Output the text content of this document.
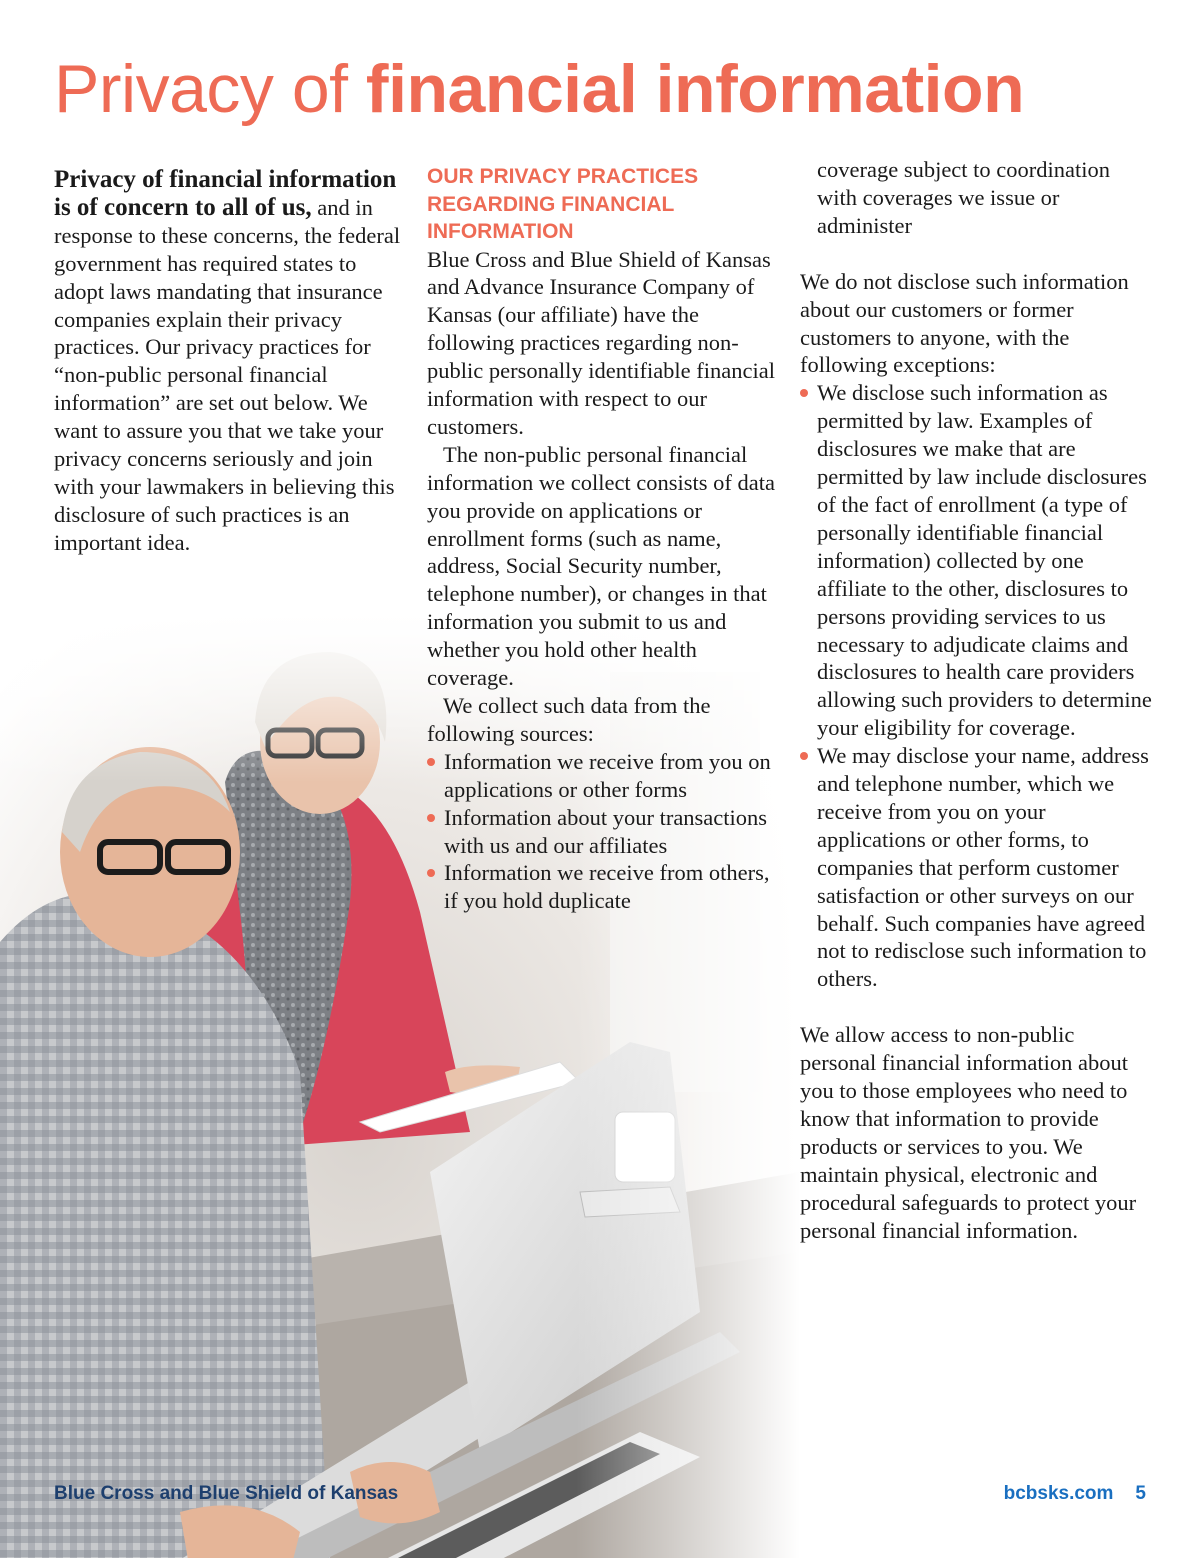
Privacy of financial information

Privacy of financial information is of concern to all of us, and in response to these concerns, the federal government has required states to adopt laws mandating that insurance companies explain their privacy practices. Our privacy practices for “non-public personal financial information” are set out below. We want to assure you that we take your privacy concerns seriously and join with your lawmakers in believing this disclosure of such practices is an important idea.

OUR PRIVACY PRACTICES REGARDING FINANCIAL INFORMATION

Blue Cross and Blue Shield of Kansas and Advance Insurance Company of Kansas (our affiliate) have the following practices regarding non-public personally identifiable financial information with respect to our customers.

The non-public personal financial information we collect consists of data you provide on applications or enrollment forms (such as name, address, Social Security number, telephone number), or changes in that information you submit to us and whether you hold other health coverage.

We collect such data from the following sources:

Information we receive from you on applications or other forms
Information about your transactions with us and our affiliates
Information we receive from others, if you hold duplicate

coverage subject to coordination with coverages we issue or administer

We do not disclose such information about our customers or former customers to anyone, with the following exceptions:

We disclose such information as permitted by law. Examples of disclosures we make that are permitted by law include disclosures of the fact of enrollment (a type of personally identifiable financial information) collected by one affiliate to the other, disclosures to persons providing services to us necessary to adjudicate claims and disclosures to health care providers allowing such providers to determine your eligibility for coverage.
We may disclose your name, address and telephone number, which we receive from you on your applications or other forms, to companies that perform customer satisfaction or other surveys on our behalf. Such companies have agreed not to redisclose such information to others.

We allow access to non-public personal financial information about you to those employees who need to know that information to provide products or services to you. We maintain physical, electronic and procedural safeguards to protect your personal financial information.

Blue Cross and Blue Shield of Kansas	bcbsks.com 5
